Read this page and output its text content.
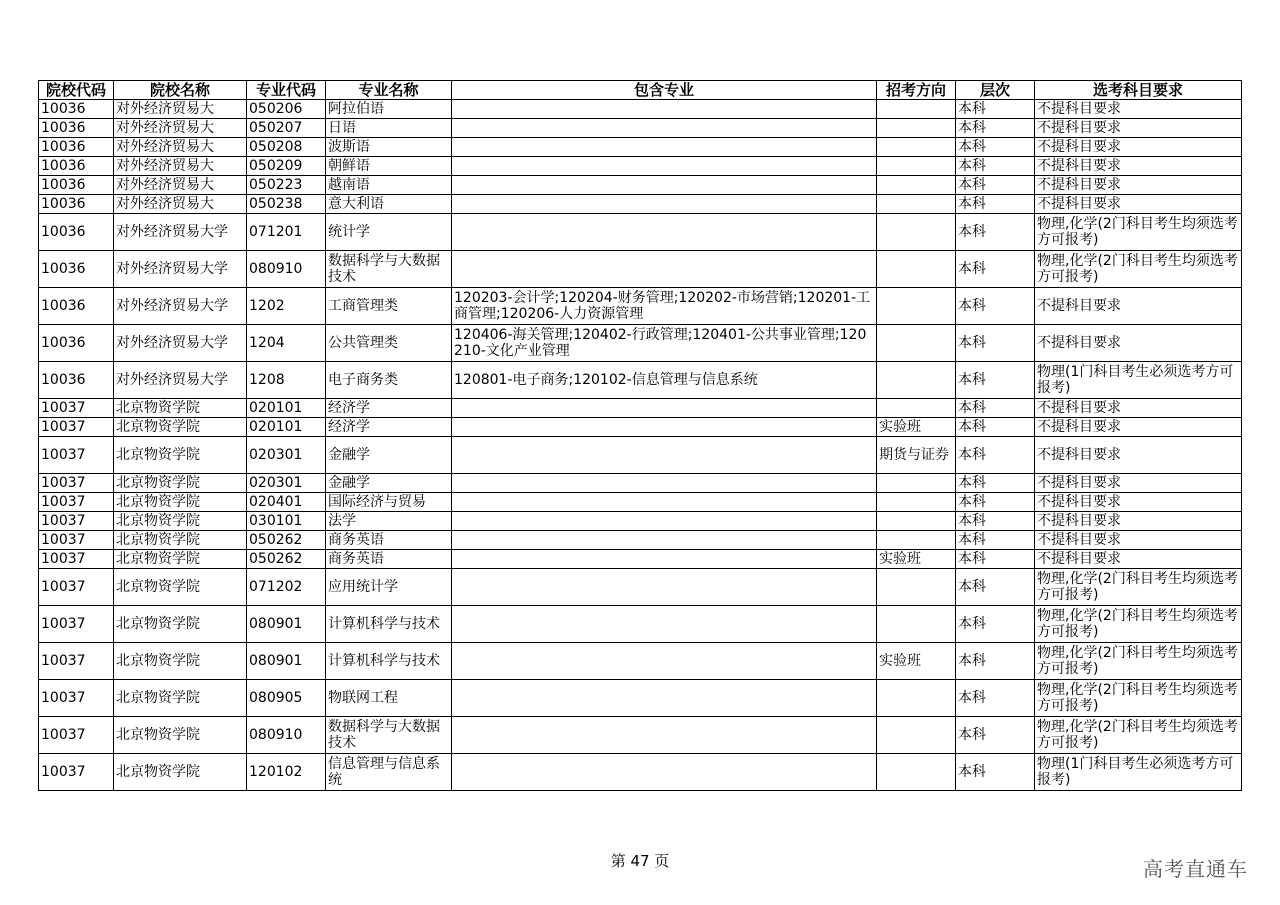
院校代码	院校名称	专业代码	专业名称	包含专业	招考方向	层次	选考科目要求
10036	对外经济贸易大	050206	阿拉伯语			本科	不提科目要求
10036	对外经济贸易大	050207	日语			本科	不提科目要求
10036	对外经济贸易大	050208	波斯语			本科	不提科目要求
10036	对外经济贸易大	050209	朝鲜语			本科	不提科目要求
10036	对外经济贸易大	050223	越南语			本科	不提科目要求
10036	对外经济贸易大	050238	意大利语			本科	不提科目要求
10036	对外经济贸易大学	071201	统计学			本科	物理,化学(2门科目考生均须选考方可报考)
10036	对外经济贸易大学	080910	数据科学与大数据技术			本科	物理,化学(2门科目考生均须选考方可报考)
10036	对外经济贸易大学	1202	工商管理类	120203-会计学;120204-财务管理;120202-市场营销;120201-工商管理;120206-人力资源管理		本科	不提科目要求
10036	对外经济贸易大学	1204	公共管理类	120406-海关管理;120402-行政管理;120401-公共事业管理;120210-文化产业管理		本科	不提科目要求
10036	对外经济贸易大学	1208	电子商务类	120801-电子商务;120102-信息管理与信息系统		本科	物理(1门科目考生必须选考方可报考)
10037	北京物资学院	020101	经济学			本科	不提科目要求
10037	北京物资学院	020101	经济学		实验班	本科	不提科目要求
10037	北京物资学院	020301	金融学		期货与证券	本科	不提科目要求
10037	北京物资学院	020301	金融学			本科	不提科目要求
10037	北京物资学院	020401	国际经济与贸易			本科	不提科目要求
10037	北京物资学院	030101	法学			本科	不提科目要求
10037	北京物资学院	050262	商务英语			本科	不提科目要求
10037	北京物资学院	050262	商务英语		实验班	本科	不提科目要求
10037	北京物资学院	071202	应用统计学			本科	物理,化学(2门科目考生均须选考方可报考)
10037	北京物资学院	080901	计算机科学与技术			本科	物理,化学(2门科目考生均须选考方可报考)
10037	北京物资学院	080901	计算机科学与技术		实验班	本科	物理,化学(2门科目考生均须选考方可报考)
10037	北京物资学院	080905	物联网工程			本科	物理,化学(2门科目考生均须选考方可报考)
10037	北京物资学院	080910	数据科学与大数据技术			本科	物理,化学(2门科目考生均须选考方可报考)
10037	北京物资学院	120102	信息管理与信息系统			本科	物理(1门科目考生必须选考方可报考)
第 47 页	高考直通车
